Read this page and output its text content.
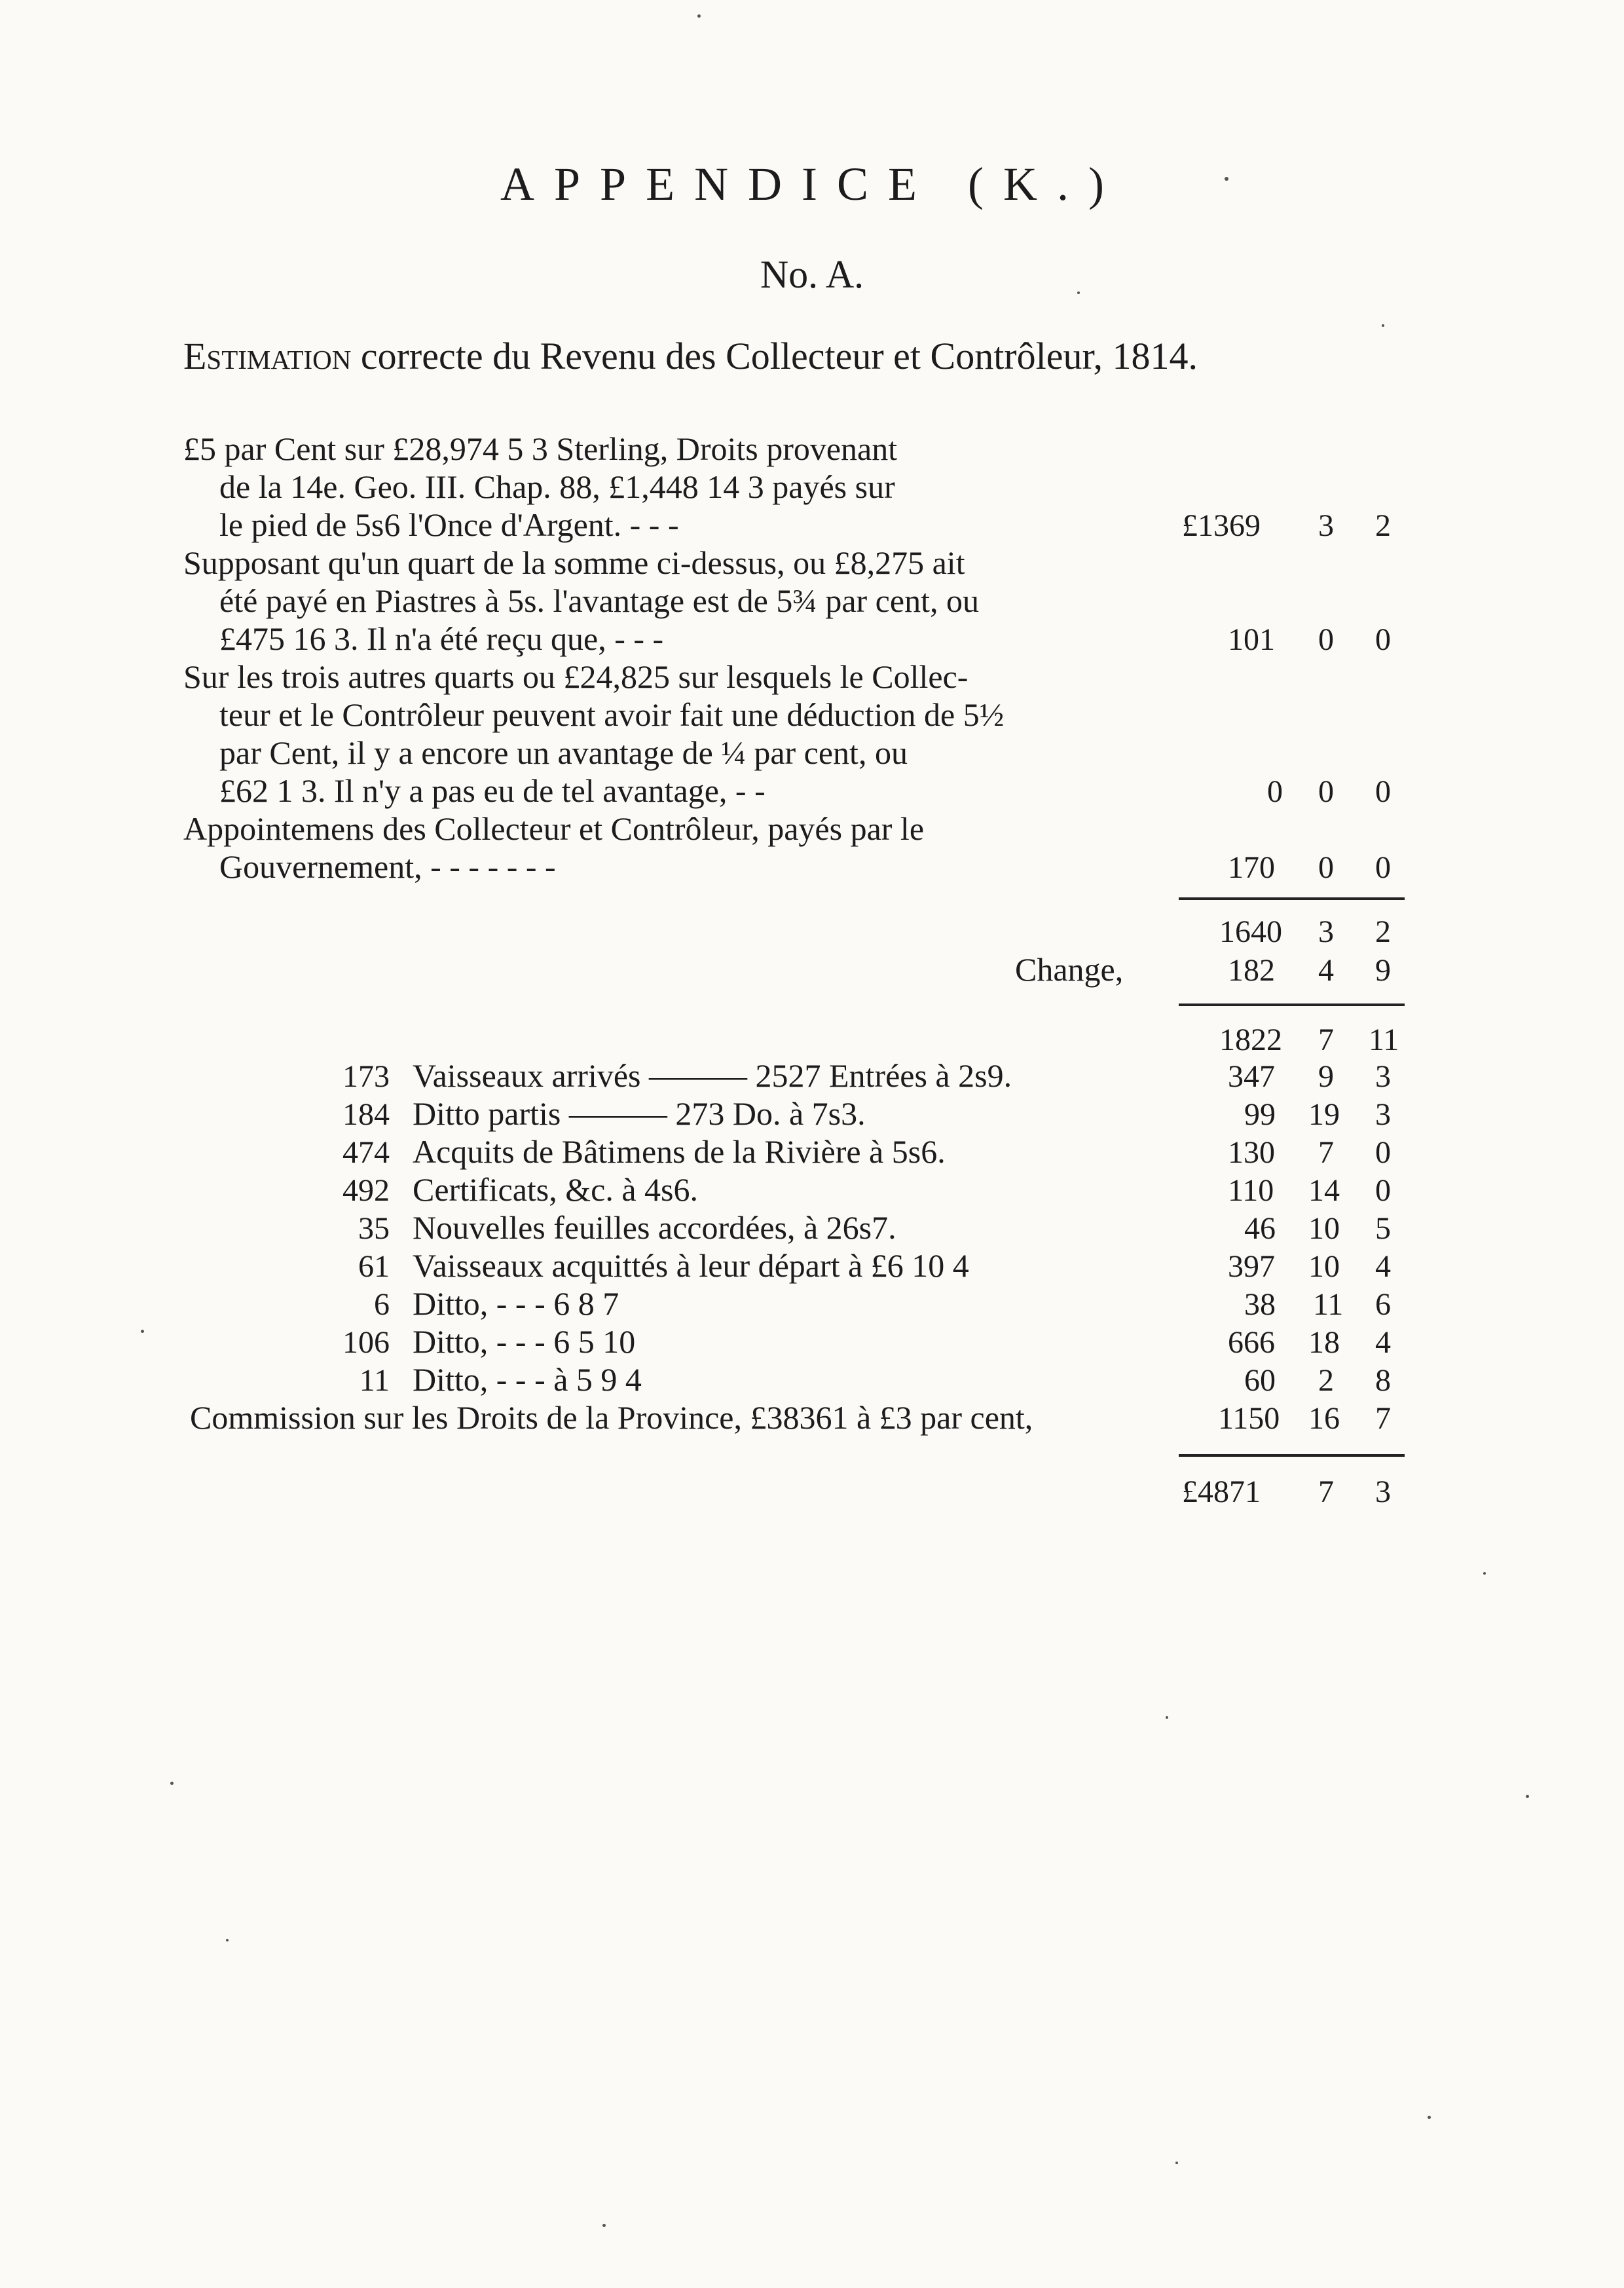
APPENDICE (K.)
No. A.
Estimation correcte du Revenu des Collecteur et Contrôleur, 1814.
£5 par Cent sur £28,974 5 3 Sterling, Droits provenant
de la 14e. Geo. III. Chap. 88, £1,448 14 3 payés sur
le pied de 5s6 l'Once d'Argent. - - -	£1369 3 2
Supposant qu'un quart de la somme ci-dessus, ou £8,275 ait
été payé en Piastres à 5s. l'avantage est de 5¾ par cent, ou
£475 16 3. Il n'a été reçu que, - - -	101 0 0
Sur les trois autres quarts ou £24,825 sur lesquels le Collec-
teur et le Contrôleur peuvent avoir fait une déduction de 5½
par Cent, il y a encore un avantage de ¼ par cent, ou
£62 1 3. Il n'y a pas eu de tel avantage, - -	0 0 0
Appointemens des Collecteur et Contrôleur, payés par le
Gouvernement, - - - - - - -	170 0 0
1640 3 2
Change,	182 4 9
1822 7 11
173 Vaisseaux arrivés ——— 2527 Entrées à 2s9.	347 9 3
184 Ditto partis ——— 273 Do. à 7s3.	99 19 3
474 Acquits de Bâtimens de la Rivière à 5s6.	130 7 0
492 Certificats, &c. à 4s6.	110 14 0
35 Nouvelles feuilles accordées, à 26s7.	46 10 5
61 Vaisseaux acquittés à leur départ à £6 10 4	397 10 4
6 Ditto, - - - 6 8 7	38 11 6
106 Ditto, - - - 6 5 10	666 18 4
11 Ditto, - - - à 5 9 4	60 2 8
Commission sur les Droits de la Province, £38361 à £3 par cent,	1150 16 7
£4871 7 3
